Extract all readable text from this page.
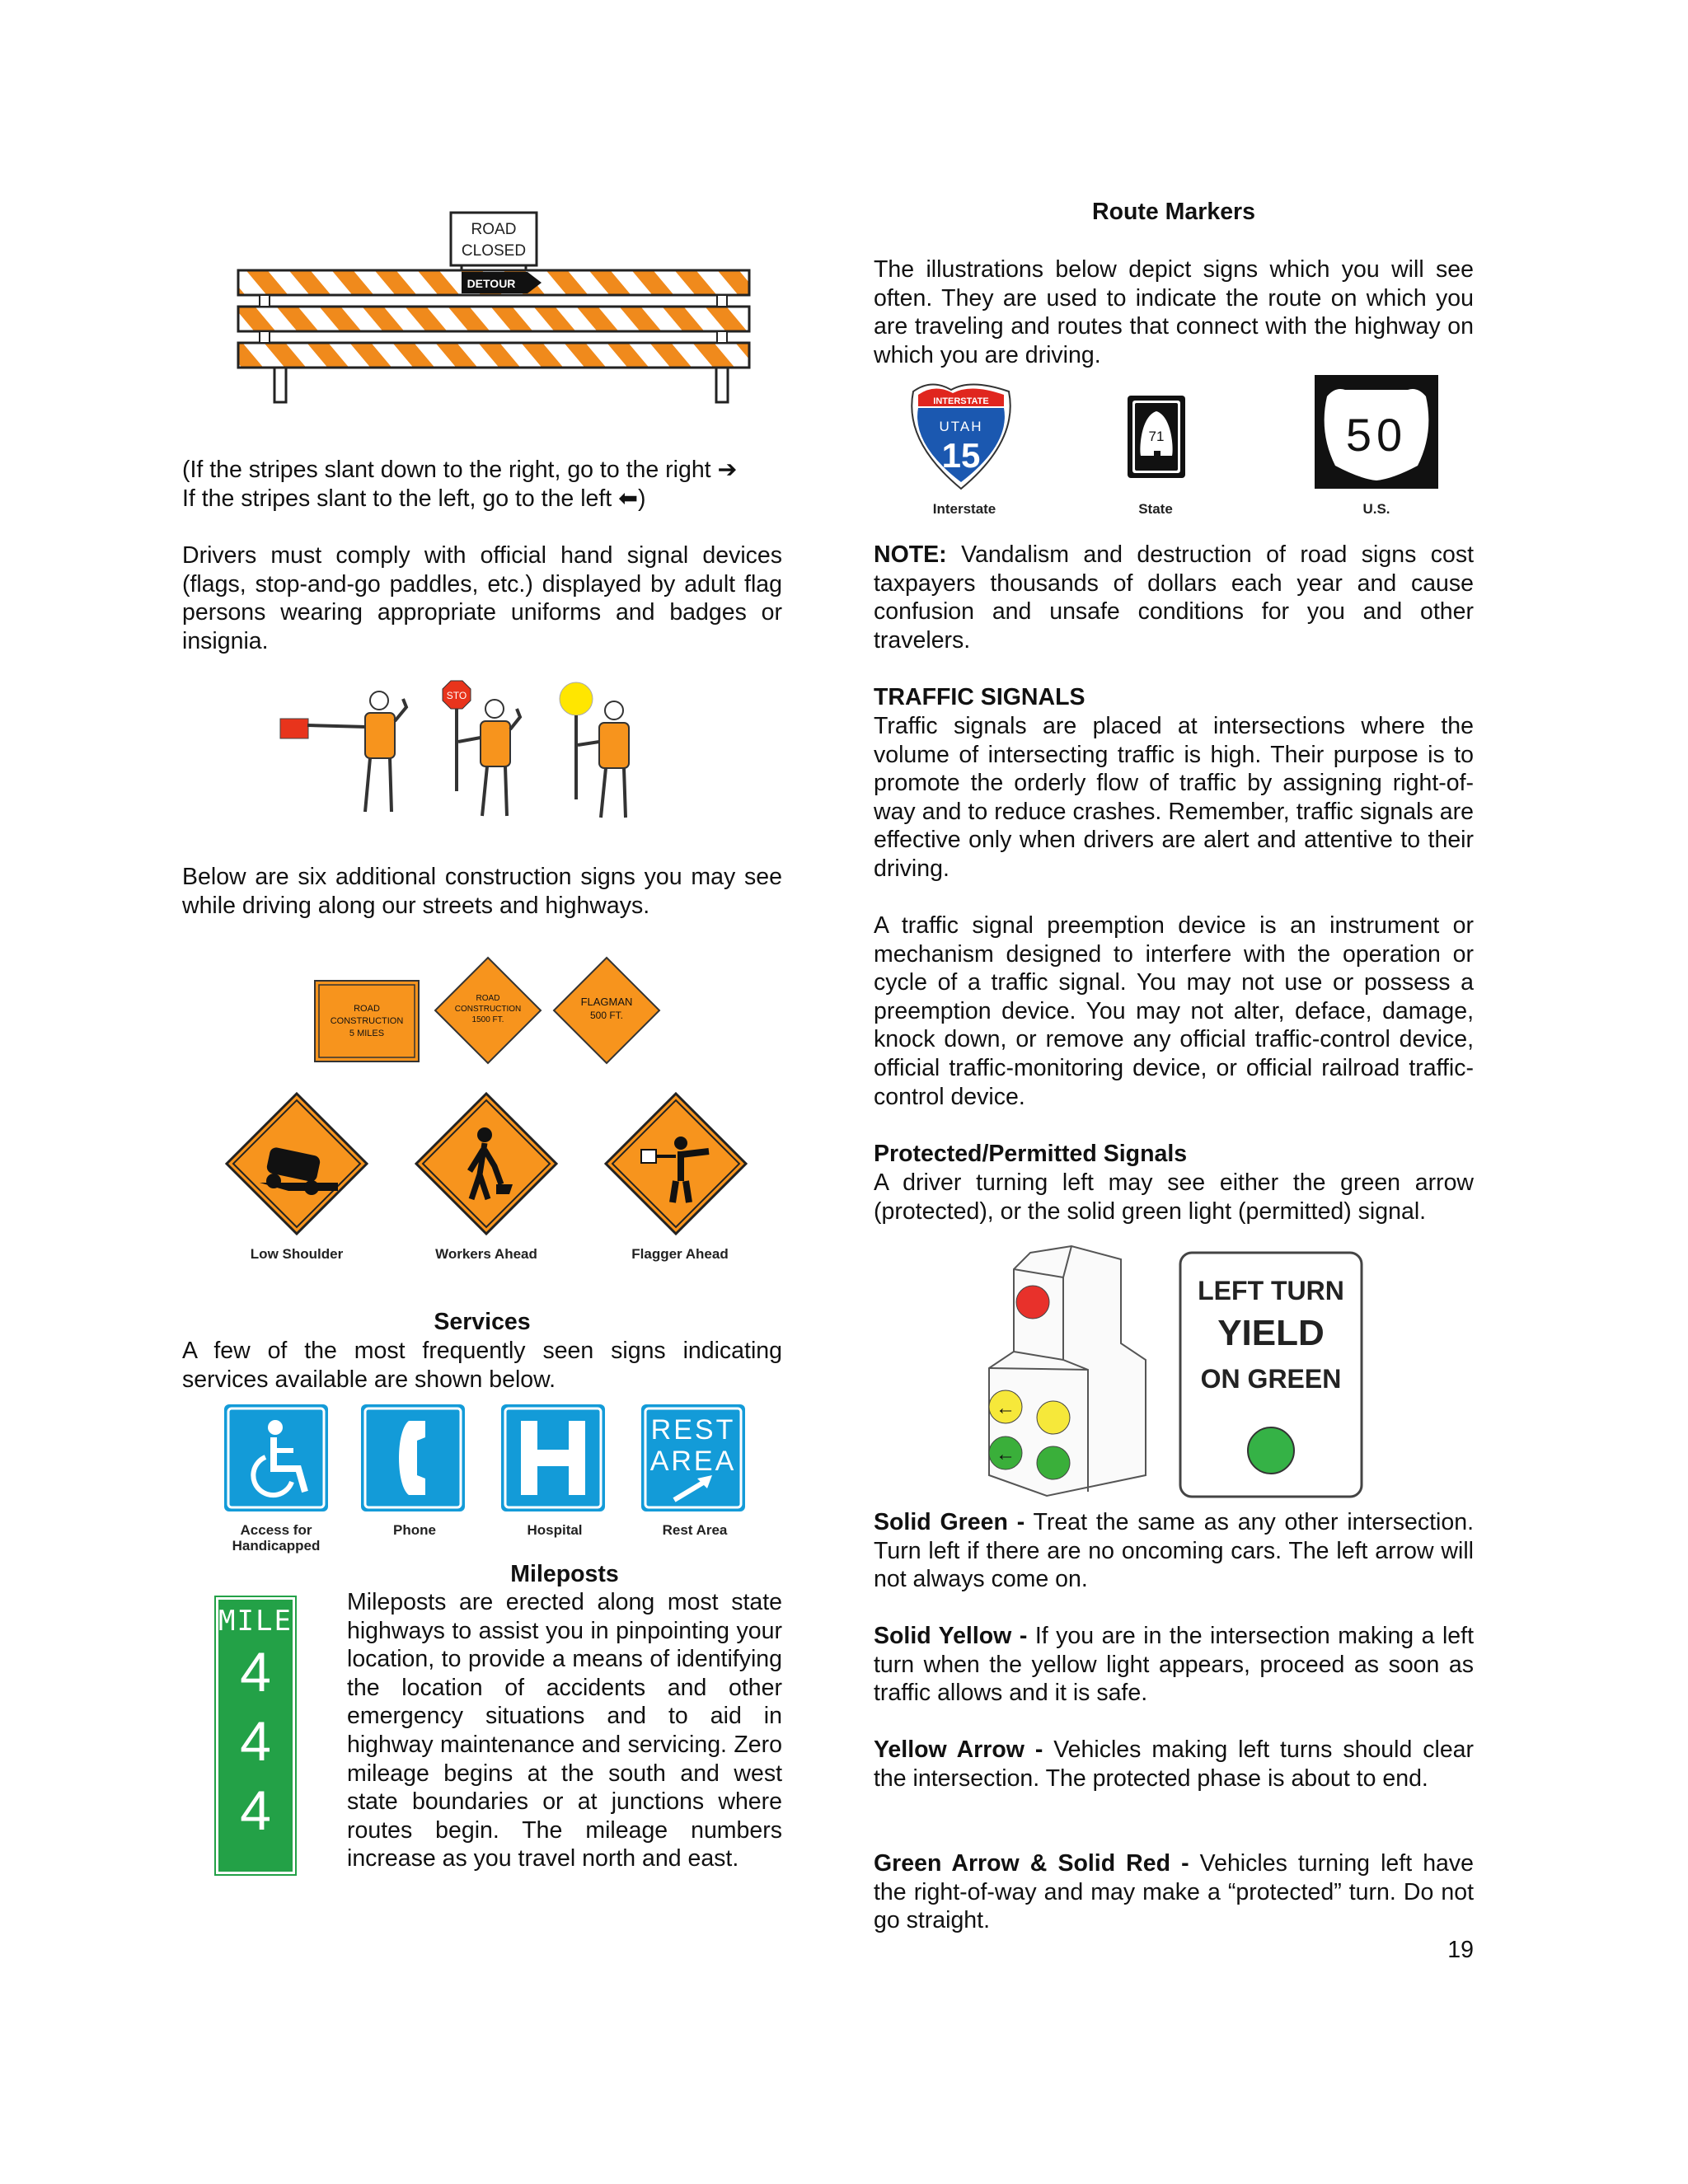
ROAD
CLOSED
DETOUR

(If the stripes slant down to the right, go to the right ➔
If the stripes slant to the left, go to the left ⬅)

Drivers must comply with official hand signal devices (flags, stop-and-go paddles, etc.) displayed by adult flag persons wearing appropriate uniforms and badges or insignia.

STO

Below are six additional construction signs you may see while driving along our streets and highways.

ROAD
CONSTRUCTION
5 MILES
ROAD
CONSTRUCTION
1500 FT.
FLAGMAN
500 FT.
Low Shoulder	Workers Ahead	Flagger Ahead
Services

A few of the most frequently seen signs indicating services available are shown below.

REST
AREA
Access for
Handicapped
Phone	Hospital	Rest Area
Mileposts
MILE
4
4
4

Mileposts are erected along most state highways to assist you in pinpointing your location, to provide a means of identifying the location of accidents and other emergency situations and to aid in highway maintenance and servicing. Zero mileage begins at the south and west state boundaries or at junctions where routes begin. The mileage numbers increase as you travel north and east.

Route Markers

The illustrations below depict signs which you will see often. They are used to indicate the route on which you are traveling and routes that connect with the highway on which you are driving.

INTERSTATE
UTAH
15	71	50
Interstate	State	U.S.

NOTE: Vandalism and destruction of road signs cost taxpayers thousands of dollars each year and cause confusion and unsafe conditions for you and other travelers.

TRAFFIC SIGNALS

Traffic signals are placed at intersections where the volume of intersecting traffic is high. Their purpose is to promote the orderly flow of traffic by assigning right-of-way and to reduce crashes. Remember, traffic signals are effective only when drivers are alert and attentive to their driving.

A traffic signal preemption device is an instrument or mechanism designed to interfere with the operation or cycle of a traffic signal. You may not use or possess a preemption device. You may not alter, deface, damage, knock down, or remove any official traffic-control device, official traffic-monitoring device, or official railroad traffic-control device.

Protected/Permitted Signals

A driver turning left may see either the green arrow (protected), or the solid green light (permitted) signal.

←
←
LEFT TURN
YIELD
ON GREEN

Solid Green - Treat the same as any other intersection. Turn left if there are no oncoming cars. The left arrow will not always come on.

Solid Yellow - If you are in the intersection making a left turn when the yellow light appears, proceed as soon as traffic allows and it is safe.

Yellow Arrow - Vehicles making left turns should clear the intersection. The protected phase is about to end.

Green Arrow & Solid Red - Vehicles turning left have the right-of-way and may make a “protected” turn. Do not go straight.

19
